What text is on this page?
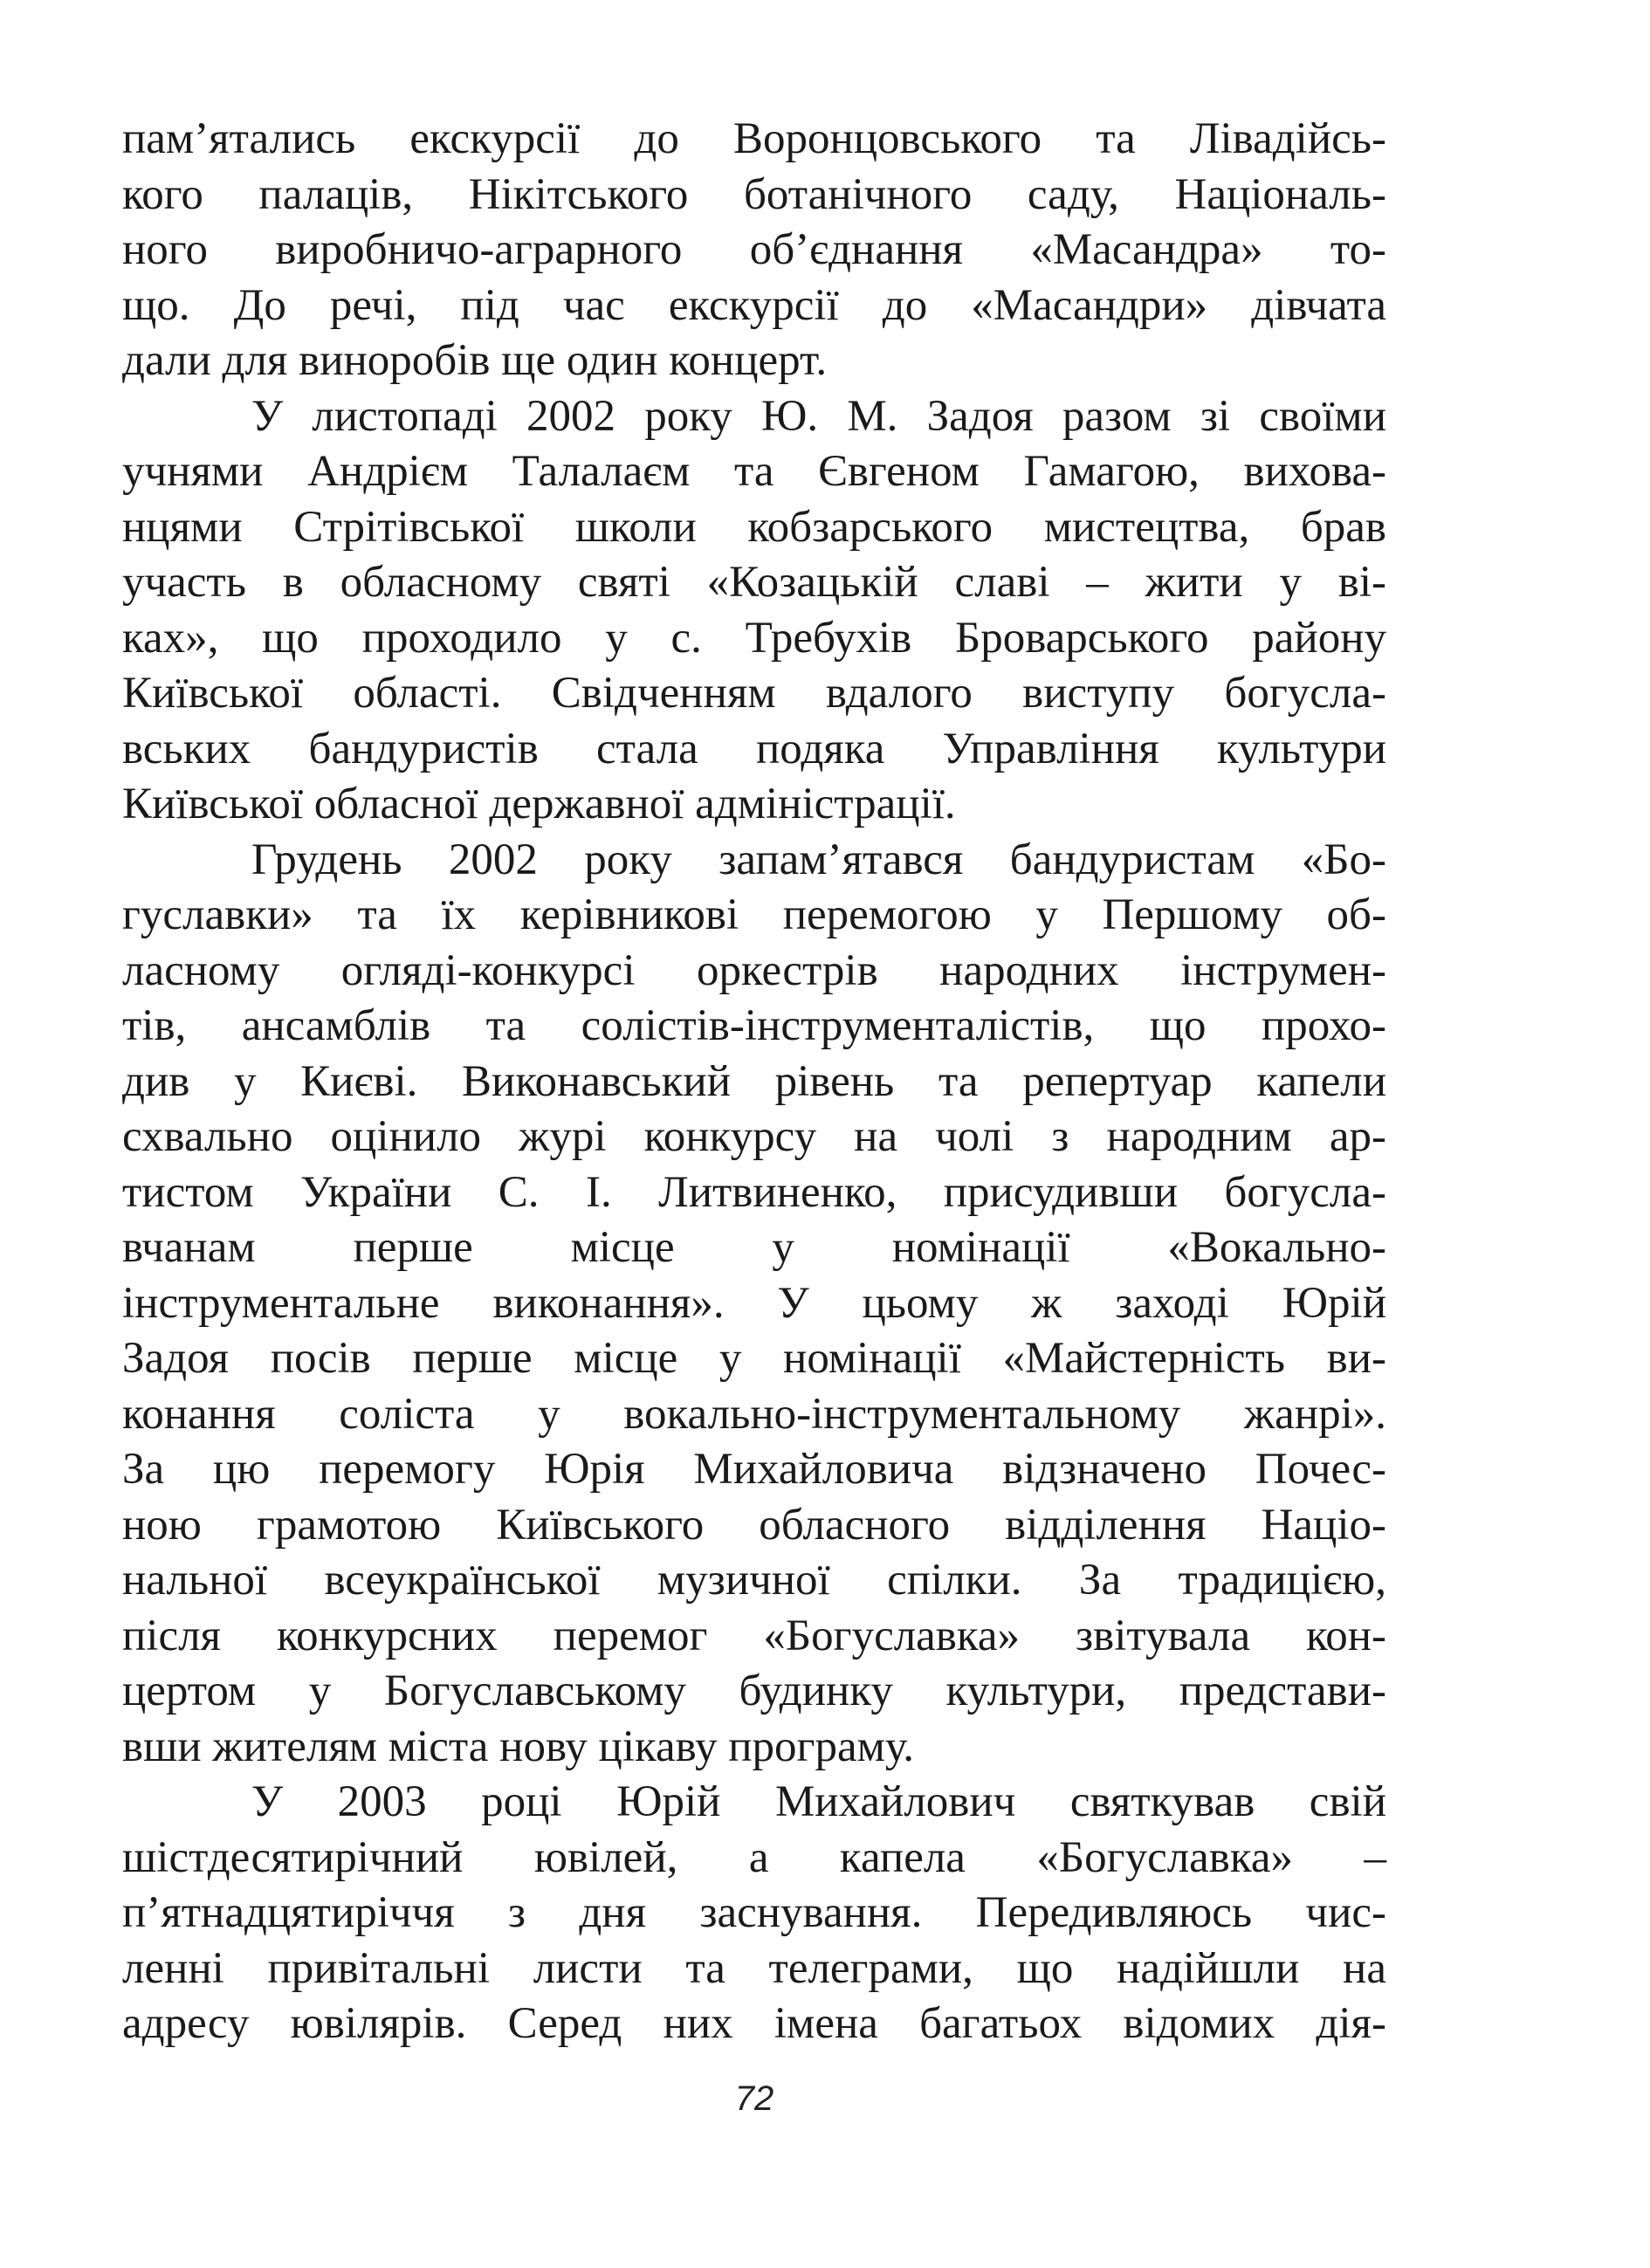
пам’ятались екскурсії до Воронцовського та Лівадійсь-
кого палаців, Нікітського ботанічного саду, Національ-
ного виробничо-аграрного об’єднання «Масандра» то-
що. До речі, під час екскурсії до «Масандри» дівчата
дали для виноробів ще один концерт.
У листопаді 2002 року Ю. М. Задоя разом зі своїми
учнями Андрієм Талалаєм та Євгеном Гамагою, вихова-
нцями Стрітівської школи кобзарського мистецтва, брав
участь в обласному святі «Козацькій славі – жити у ві-
ках», що проходило у с. Требухів Броварського району
Київської області. Свідченням вдалого виступу богусла-
вських бандуристів стала подяка Управління культури
Київської обласної державної адміністрації.
Грудень 2002 року запам’ятався бандуристам «Бо-
гуславки» та їх керівникові перемогою у Першому об-
ласному огляді-конкурсі оркестрів народних інструмен-
тів, ансамблів та солістів-інструменталістів, що прохо-
див у Києві. Виконавський рівень та репертуар капели
схвально оцінило журі конкурсу на чолі з народним ар-
тистом України С. І. Литвиненко, присудивши богусла-
вчанам перше місце у номінації «Вокально-
інструментальне виконання». У цьому ж заході Юрій
Задоя посів перше місце у номінації «Майстерність ви-
конання соліста у вокально-інструментальному жанрі».
За цю перемогу Юрія Михайловича відзначено Почес-
ною грамотою Київського обласного відділення Націо-
нальної всеукраїнської музичної спілки. За традицією,
після конкурсних перемог «Богуславка» звітувала кон-
цертом у Богуславському будинку культури, представи-
вши жителям міста нову цікаву програму.
У 2003 році Юрій Михайлович святкував свій
шістдесятирічний ювілей, а капела «Богуславка» –
п’ятнадцятиріччя з дня заснування. Передивляюсь чис-
ленні привітальні листи та телеграми, що надійшли на
адресу ювілярів. Серед них імена багатьох відомих дія-
72
